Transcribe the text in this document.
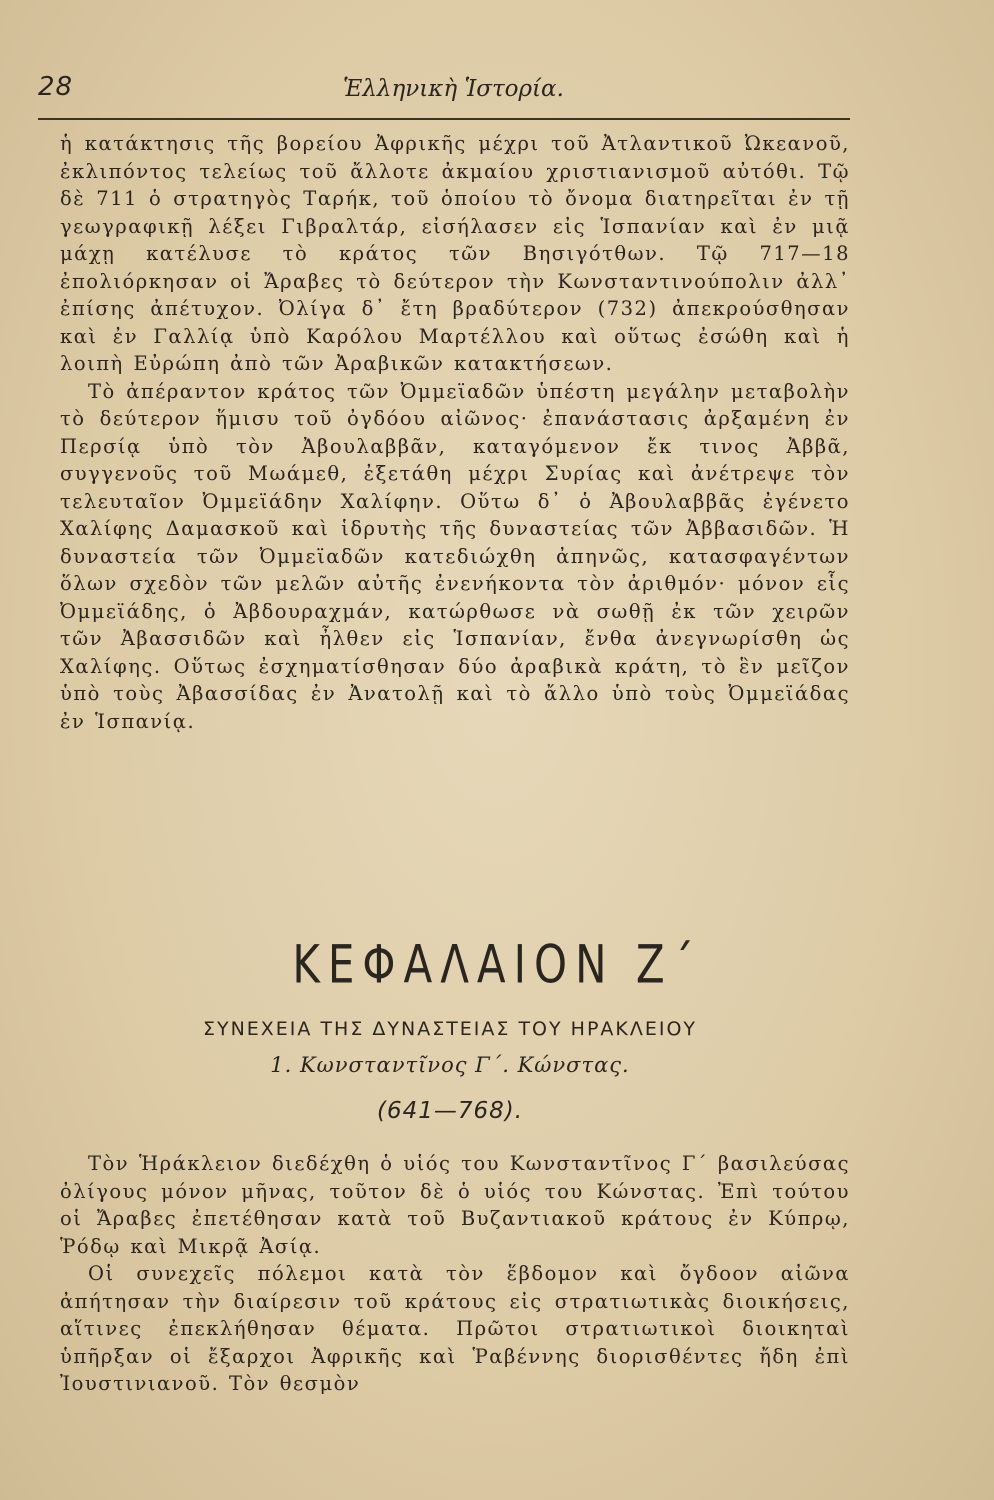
28	Ἑλληνικὴ Ἱστορία.

ἡ κατάκτησις τῆς βορείου Ἀφρικῆς μέχρι τοῦ Ἀτλαντικοῦ Ὠκεανοῦ, ἐκλιπόντος τελείως τοῦ ἄλλοτε ἀκμαίου χριστιανισμοῦ αὐτόθι. Τῷ δὲ 711 ὁ στρατηγὸς Ταρήκ, τοῦ ὁποίου τὸ ὄνομα διατηρεῖται ἐν τῇ γεωγραφικῇ λέξει Γιβραλτάρ, εἰσήλασεν εἰς Ἱσπανίαν καὶ ἐν μιᾷ μάχῃ κατέλυσε τὸ κράτος τῶν Βησιγότθων. Τῷ 717—18 ἐπολιόρκησαν οἱ Ἄραβες τὸ δεύτερον τὴν Κωνσταντινούπολιν ἀλλ᾽ ἐπίσης ἀπέτυχον. Ὀλίγα δ᾽ ἔτη βραδύτερον (732) ἀπεκρούσθησαν καὶ ἐν Γαλλίᾳ ὑπὸ Καρόλου Μαρτέλλου καὶ οὕτως ἐσώθη καὶ ἡ λοιπὴ Εὐρώπη ἀπὸ τῶν Ἀραβικῶν κατακτήσεων.

Τὸ ἀπέραντον κράτος τῶν Ὀμμεϊαδῶν ὑπέστη μεγάλην μεταβολὴν τὸ δεύτερον ἥμισυ τοῦ ὀγδόου αἰῶνος· ἐπανάστασις ἀρξαμένη ἐν Περσίᾳ ὑπὸ τὸν Ἀβουλαββᾶν, καταγόμενον ἔκ τινος Ἀββᾶ, συγγενοῦς τοῦ Μωάμεθ, ἐξετάθη μέχρι Συρίας καὶ ἀνέτρεψε τὸν τελευταῖον Ὀμμεϊάδην Χαλίφην. Οὕτω δ᾽ ὁ Ἀβουλαββᾶς ἐγένετο Χαλίφης Δαμασκοῦ καὶ ἱδρυτὴς τῆς δυναστείας τῶν Ἀββασιδῶν. Ἡ δυναστεία τῶν Ὀμμεϊαδῶν κατεδιώχθη ἀπηνῶς, κατασφαγέντων ὅλων σχεδὸν τῶν μελῶν αὐτῆς ἐνενήκοντα τὸν ἀριθμόν· μόνον εἷς Ὀμμεϊάδης, ὁ Ἀβδουραχμάν, κατώρθωσε νὰ σωθῇ ἐκ τῶν χειρῶν τῶν Ἀβασσιδῶν καὶ ἦλθεν εἰς Ἱσπανίαν, ἔνθα ἀνεγνωρίσθη ὡς Χαλίφης. Οὕτως ἐσχηματίσθησαν δύο ἀραβικὰ κράτη, τὸ ἓν μεῖζον ὑπὸ τοὺς Ἀβασσίδας ἐν Ἀνατολῇ καὶ τὸ ἄλλο ὑπὸ τοὺς Ὀμμεϊάδας ἐν Ἱσπανίᾳ.

ΚΕΦΑΛΑΙΟΝ Ζ΄
ΣΥΝΕΧΕΙΑ ΤΗΣ ΔΥΝΑΣΤΕΙΑΣ ΤΟΥ ΗΡΑΚΛΕΙΟΥ
1. Κωνσταντῖνος Γ΄. Κώνστας.
(641—768).

Τὸν Ἡράκλειον διεδέχθη ὁ υἱός του Κωνσταντῖνος Γ΄ βασιλεύσας ὀλίγους μόνον μῆνας, τοῦτον δὲ ὁ υἱός του Κώνστας. Ἐπὶ τούτου οἱ Ἄραβες ἐπετέθησαν κατὰ τοῦ Βυζαντιακοῦ κράτους ἐν Κύπρῳ, Ῥόδῳ καὶ Μικρᾷ Ἀσίᾳ.

Οἱ συνεχεῖς πόλεμοι κατὰ τὸν ἕβδομον καὶ ὄγδοον αἰῶνα ἀπήτησαν τὴν διαίρεσιν τοῦ κράτους εἰς στρατιωτικὰς διοικήσεις, αἵτινες ἐπεκλήθησαν θέματα. Πρῶτοι στρατιωτικοὶ διοικηταὶ ὑπῆρξαν οἱ ἔξαρχοι Ἀφρικῆς καὶ Ῥαβέννης διορισθέντες ἤδη ἐπὶ Ἰουστινιανοῦ. Τὸν θεσμὸν
